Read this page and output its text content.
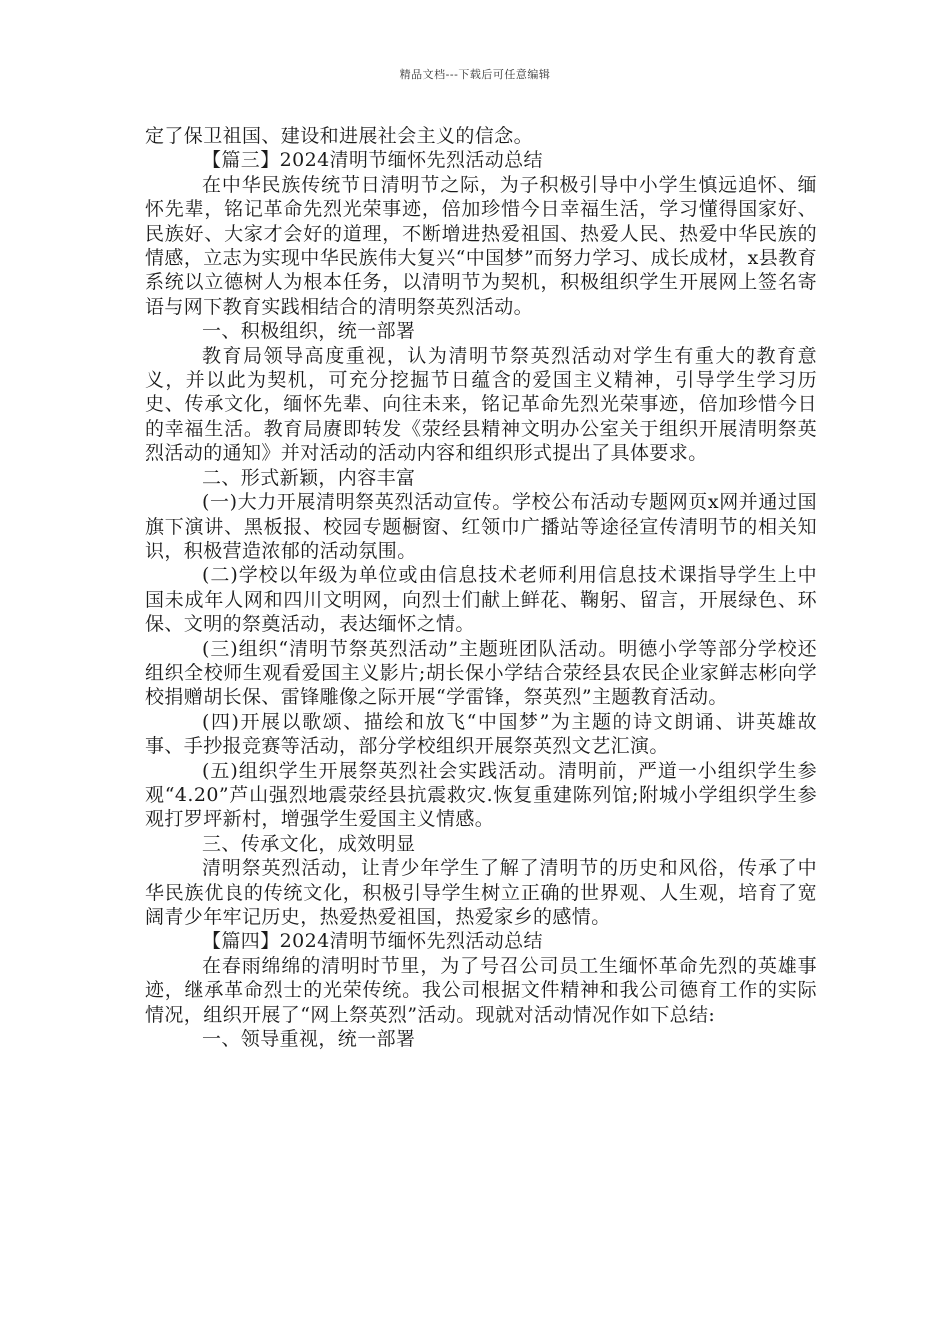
精品文档---下载后可任意编辑

定了保卫祖国、建设和进展社会主义的信念。

【篇三】2024清明节缅怀先烈活动总结

在中华民族传统节日清明节之际，为子积极引导中小学生慎远追怀、缅怀先辈，铭记革命先烈光荣事迹，倍加珍惜今日幸福生活，学习懂得国家好、民族好、大家才会好的道理，不断增进热爱祖国、热爱人民、热爱中华民族的情感，立志为实现中华民族伟大复兴“中国梦”而努力学习、成长成材，x县教育系统以立德树人为根本任务，以清明节为契机，积极组织学生开展网上签名寄语与网下教育实践相结合的清明祭英烈活动。

一、积极组织，统一部署

教育局领导高度重视，认为清明节祭英烈活动对学生有重大的教育意义，并以此为契机，可充分挖掘节日蕴含的爱国主义精神，引导学生学习历史、传承文化，缅怀先辈、向往未来，铭记革命先烈光荣事迹，倍加珍惜今日的幸福生活。教育局赓即转发《荥经县精神文明办公室关于组织开展清明祭英烈活动的通知》并对活动的活动内容和组织形式提出了具体要求。

二、形式新颖，内容丰富

(一)大力开展清明祭英烈活动宣传。学校公布活动专题网页x网并通过国旗下演讲、黑板报、校园专题橱窗、红领巾广播站等途径宣传清明节的相关知识，积极营造浓郁的活动氛围。

(二)学校以年级为单位或由信息技术老师利用信息技术课指导学生上中国未成年人网和四川文明网，向烈士们献上鲜花、鞠躬、留言，开展绿色、环保、文明的祭奠活动，表达缅怀之情。

(三)组织“清明节祭英烈活动”主题班团队活动。明德小学等部分学校还组织全校师生观看爱国主义影片;胡长保小学结合荥经县农民企业家鲜志彬向学校捐赠胡长保、雷锋雕像之际开展“学雷锋，祭英烈”主题教育活动。

(四)开展以歌颂、描绘和放飞“中国梦”为主题的诗文朗诵、讲英雄故事、手抄报竞赛等活动，部分学校组织开展祭英烈文艺汇演。

(五)组织学生开展祭英烈社会实践活动。清明前，严道一小组织学生参观“4.20”芦山强烈地震荥经县抗震救灾.恢复重建陈列馆;附城小学组织学生参观打罗坪新村，增强学生爱国主义情感。

三、传承文化，成效明显

清明祭英烈活动，让青少年学生了解了清明节的历史和风俗，传承了中华民族优良的传统文化，积极引导学生树立正确的世界观、人生观，培育了宽阔青少年牢记历史，热爱热爱祖国，热爱家乡的感情。

【篇四】2024清明节缅怀先烈活动总结

在春雨绵绵的清明时节里，为了号召公司员工生缅怀革命先烈的英雄事迹，继承革命烈士的光荣传统。我公司根据文件精神和我公司德育工作的实际情况，组织开展了“网上祭英烈”活动。现就对活动情况作如下总结:

一、领导重视，统一部署
